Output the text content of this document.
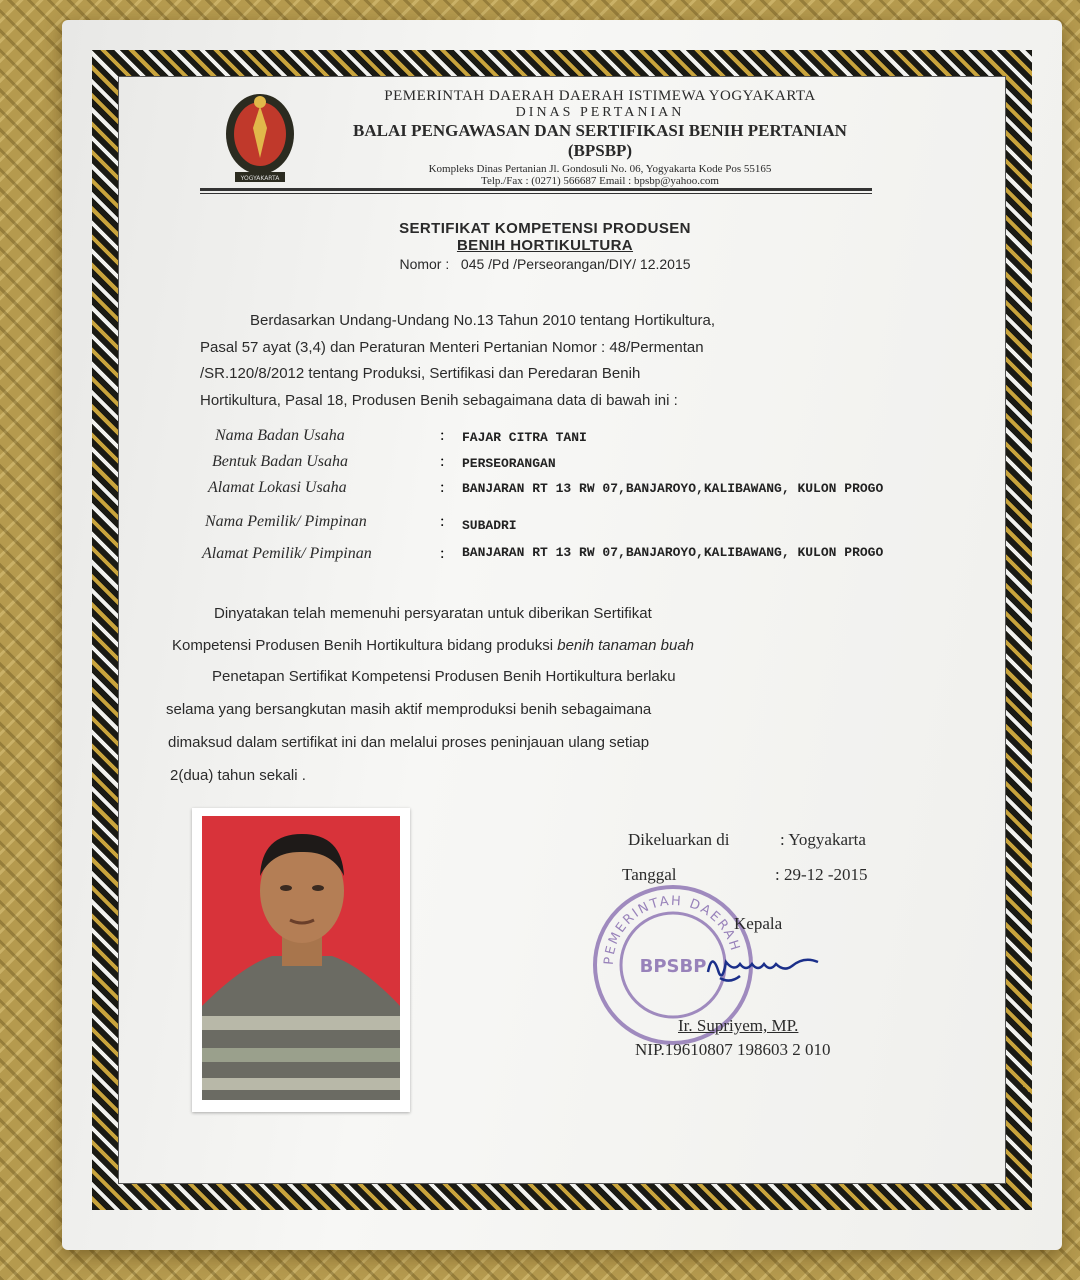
YOGYAKARTA

PEMERINTAH DAERAH DAERAH ISTIMEWA YOGYAKARTA

DINAS PERTANIAN

BALAI PENGAWASAN DAN SERTIFIKASI BENIH PERTANIAN

(BPSBP)

Kompleks Dinas Pertanian Jl. Gondosuli No. 06, Yogyakarta Kode Pos 55165

Telp./Fax : (0271) 566687 Email : bpsbp@yahoo.com

SERTIFIKAT KOMPETENSI PRODUSEN

BENIH HORTIKULTURA

Nomor : 045 /Pd /Perseorangan/DIY/ 12.2015

Berdasarkan Undang-Undang No.13 Tahun 2010 tentang Hortikultura,
Pasal 57 ayat (3,4) dan Peraturan Menteri Pertanian Nomor : 48/Permentan
/SR.120/8/2012 tentang Produksi, Sertifikasi dan Peredaran Benih
Hortikultura, Pasal 18, Produsen Benih sebagaimana data di bawah ini :
Nama Badan Usaha	: FAJAR CITRA TANI
Bentuk Badan Usaha	: PERSEORANGAN
Alamat Lokasi Usaha	: BANJARAN RT 13 RW 07,BANJAROYO,KALIBAWANG, KULON PROGO
Nama Pemilik/ Pimpinan	: SUBADRI
Alamat Pemilik/ Pimpinan	: BANJARAN RT 13 RW 07,BANJAROYO,KALIBAWANG, KULON PROGO
Dinyatakan telah memenuhi persyaratan untuk diberikan Sertifikat
Kompetensi Produsen Benih Hortikultura bidang produksi benih tanaman buah
Penetapan Sertifikat Kompetensi Produsen Benih Hortikultura berlaku
selama yang bersangkutan masih aktif memproduksi benih sebagaimana
dimaksud dalam sertifikat ini dan melalui proses peninjauan ulang setiap
2(dua) tahun sekali .
PEMERINTAH DAERAH
BPSBP
Dikeluarkan di	: Yogyakarta
Tanggal	: 29-12 -2015
Kepala
Ir. Supriyem, MP.
NIP.19610807 198603 2 010
